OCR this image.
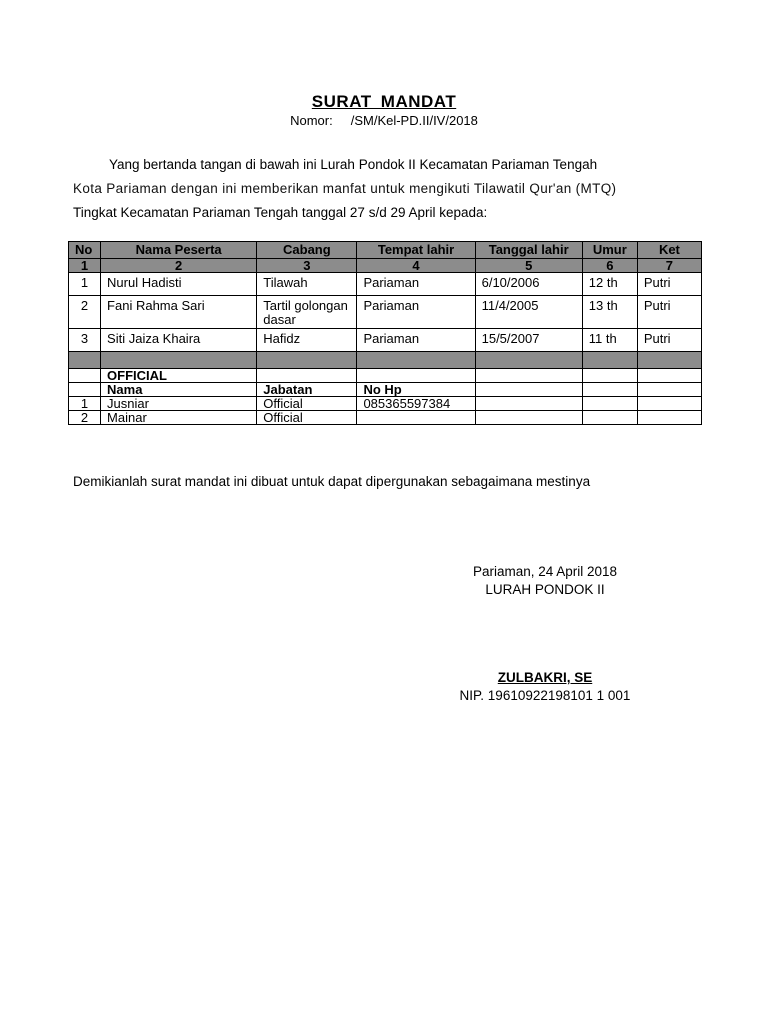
SURAT MANDAT
Nomor: /SM/Kel-PD.II/IV/2018
Yang bertanda tangan di bawah ini Lurah Pondok II Kecamatan Pariaman Tengah
Kota Pariaman dengan ini memberikan manfat untuk mengikuti Tilawatil Qur'an (MTQ)
Tingkat Kecamatan Pariaman Tengah tanggal 27 s/d 29 April kepada:
No	Nama Peserta	Cabang	Tempat lahir	Tanggal lahir	Umur	Ket
1	2	3	4	5	6	7
1	Nurul Hadisti	Tilawah	Pariaman	6/10/2006	12 th	Putri
2	Fani Rahma Sari	Tartil golongan dasar	Pariaman	11/4/2005	13 th	Putri
3	Siti Jaiza Khaira	Hafidz	Pariaman	15/5/2007	11 th	Putri

	OFFICIAL					
	Nama	Jabatan	No Hp			
1	Jusniar	Official	085365597384			
2	Mainar	Official				
Demikianlah surat mandat ini dibuat untuk dapat dipergunakan sebagaimana mestinya
Pariaman, 24 April 2018
LURAH PONDOK II
ZULBAKRI, SE
NIP. 19610922198101 1 001
